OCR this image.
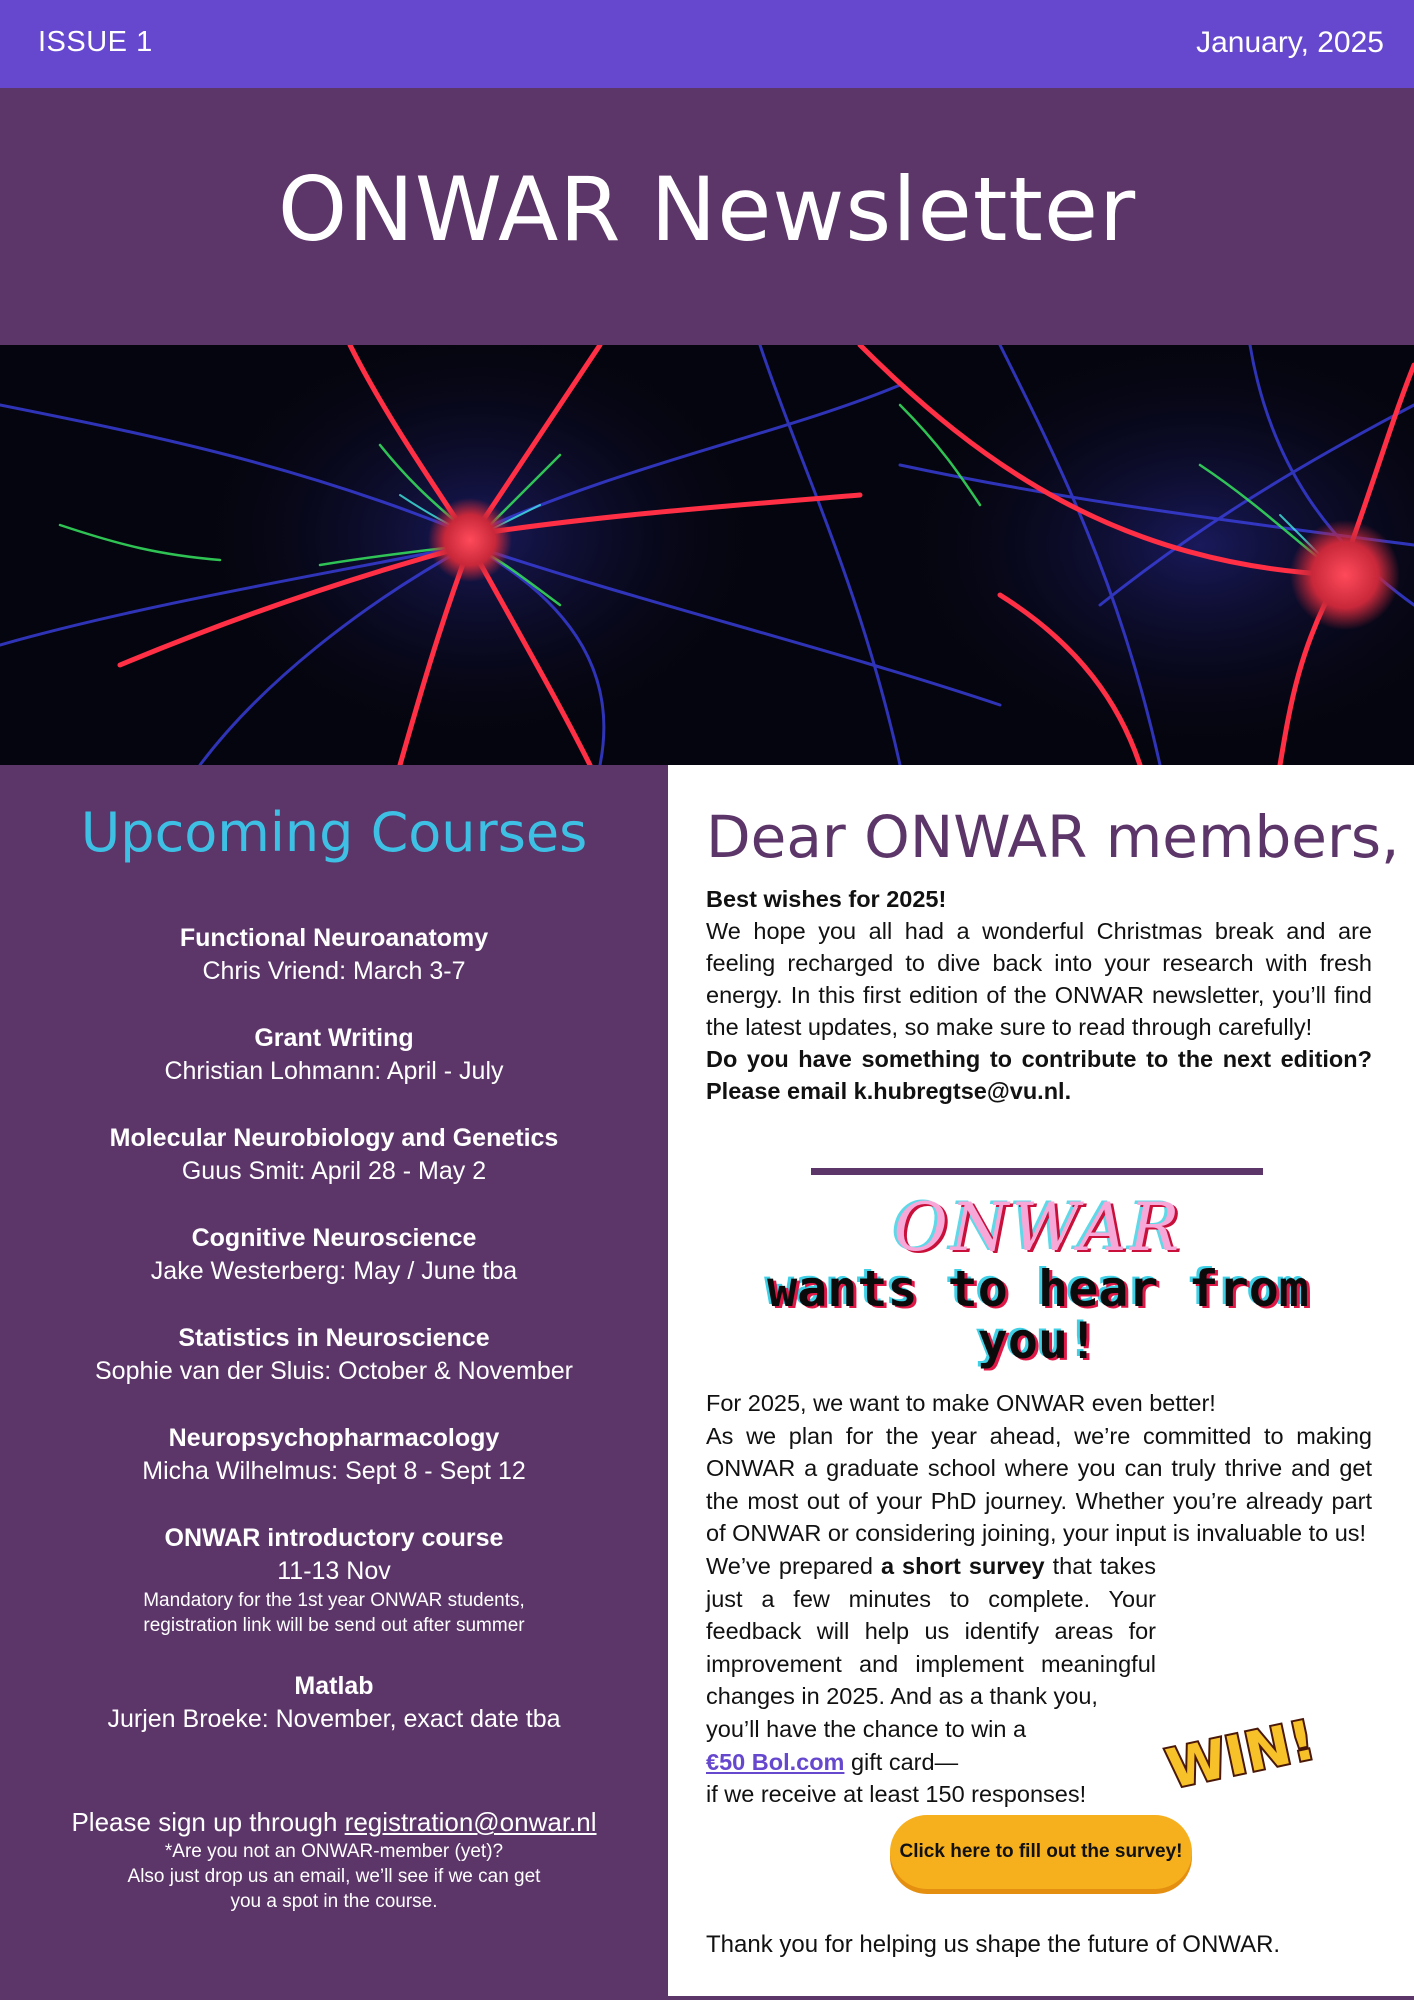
ISSUE 1	January, 2025
ONWAR Newsletter
Upcoming Courses
Functional Neuroanatomy
Chris Vriend: March 3-7
Grant Writing
Christian Lohmann: April - July
Molecular Neurobiology and Genetics
Guus Smit: April 28 - May 2
Cognitive Neuroscience
Jake Westerberg: May / June tba
Statistics in Neuroscience
Sophie van der Sluis: October & November
Neuropsychopharmacology
Micha Wilhelmus: Sept 8 - Sept 12
ONWAR introductory course
11-13 Nov
Mandatory for the 1st year ONWAR students,
registration link will be send out after summer
Matlab
Jurjen Broeke: November, exact date tba
Please sign up through registration@onwar.nl
*Are you not an ONWAR-member (yet)?
Also just drop us an email, we’ll see if we can get
you a spot in the course.
Dear ONWAR members,
Best wishes for 2025!
We hope you all had a wonderful Christmas break and are feeling recharged to dive back into your research with fresh energy. In this first edition of the ONWAR newsletter, you’ll find the latest updates, so make sure to read through carefully!
Do you have something to contribute to the next edition? Please email k.hubregtse@vu.nl.
ONWAR
wants to hear from
you!
For 2025, we want to make ONWAR even better!
As we plan for the year ahead, we’re committed to making ONWAR a graduate school where you can truly thrive and get the most out of your PhD journey. Whether you’re already part of ONWAR or considering joining, your input is invaluable to us!
We’ve prepared a short survey that takes just a few minutes to complete. Your feedback will help us identify areas for improvement and implement meaningful changes in 2025. And as a thank you,
you’ll have the chance to win a
€50 Bol.com gift card—
if we receive at least 150 responses!	WIN!
Click here to fill out the survey!
Thank you for helping us shape the future of ONWAR.
